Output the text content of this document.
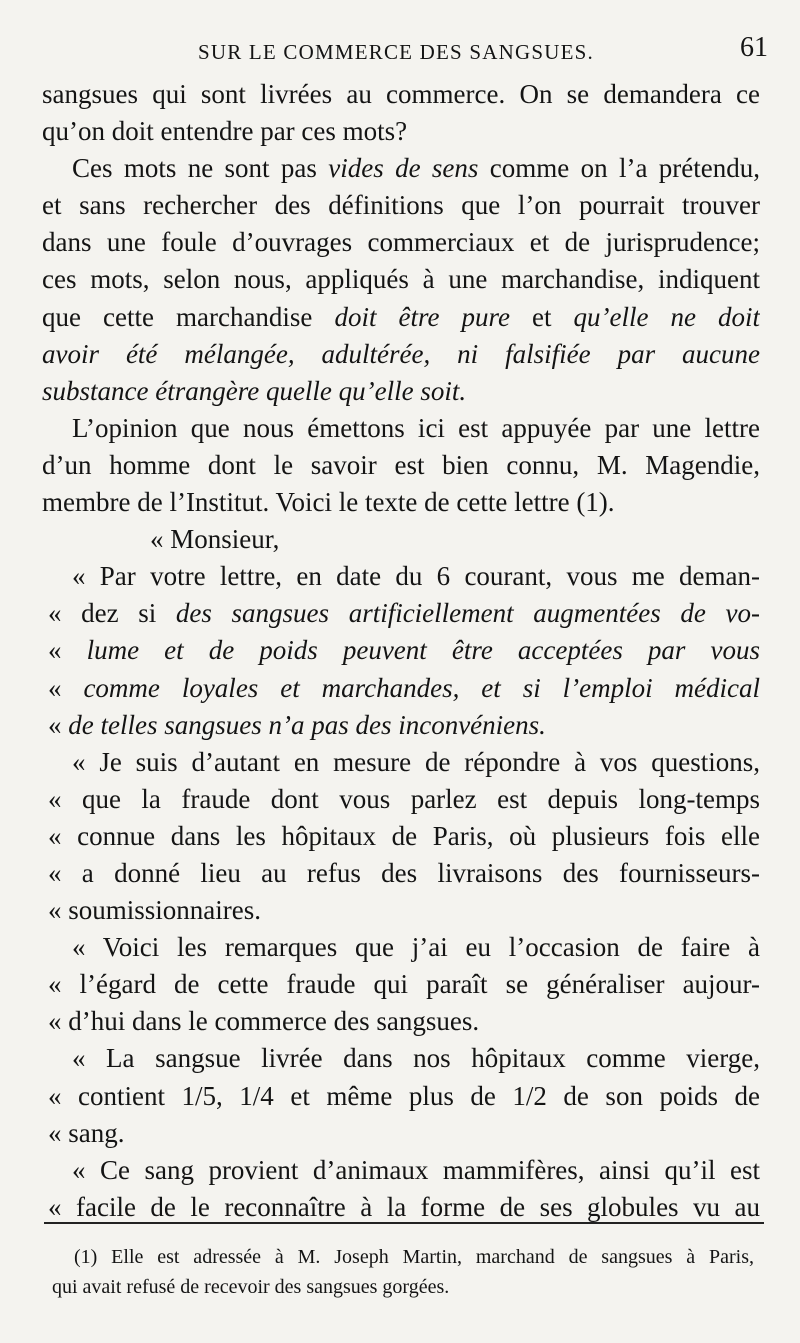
SUR LE COMMERCE DES SANGSUES.	61
sangsues qui sont livrées au commerce. On se demandera ce
qu’on doit entendre par ces mots?
Ces mots ne sont pas vides de sens comme on l’a prétendu,
et sans rechercher des définitions que l’on pourrait trouver
dans une foule d’ouvrages commerciaux et de jurisprudence;
ces mots, selon nous, appliqués à une marchandise, indiquent
que cette marchandise doit être pure et qu’elle ne doit
avoir été mélangée, adultérée, ni falsifiée par aucune
substance étrangère quelle qu’elle soit.
L’opinion que nous émettons ici est appuyée par une lettre
d’un homme dont le savoir est bien connu, M. Magendie,
membre de l’Institut. Voici le texte de cette lettre (1).
« Monsieur,
« Par votre lettre, en date du 6 courant, vous me deman-
« dez si des sangsues artificiellement augmentées de vo-
« lume et de poids peuvent être acceptées par vous
« comme loyales et marchandes, et si l’emploi médical
« de telles sangsues n’a pas des inconvéniens.
« Je suis d’autant en mesure de répondre à vos questions,
« que la fraude dont vous parlez est depuis long-temps
« connue dans les hôpitaux de Paris, où plusieurs fois elle
« a donné lieu au refus des livraisons des fournisseurs-
« soumissionnaires.
« Voici les remarques que j’ai eu l’occasion de faire à
« l’égard de cette fraude qui paraît se généraliser aujour-
« d’hui dans le commerce des sangsues.
« La sangsue livrée dans nos hôpitaux comme vierge,
« contient 1/5, 1/4 et même plus de 1/2 de son poids de
« sang.
« Ce sang provient d’animaux mammifères, ainsi qu’il est
« facile de le reconnaître à la forme de ses globules vu au
(1) Elle est adressée à M. Joseph Martin, marchand de sangsues à Paris,
qui avait refusé de recevoir des sangsues gorgées.
